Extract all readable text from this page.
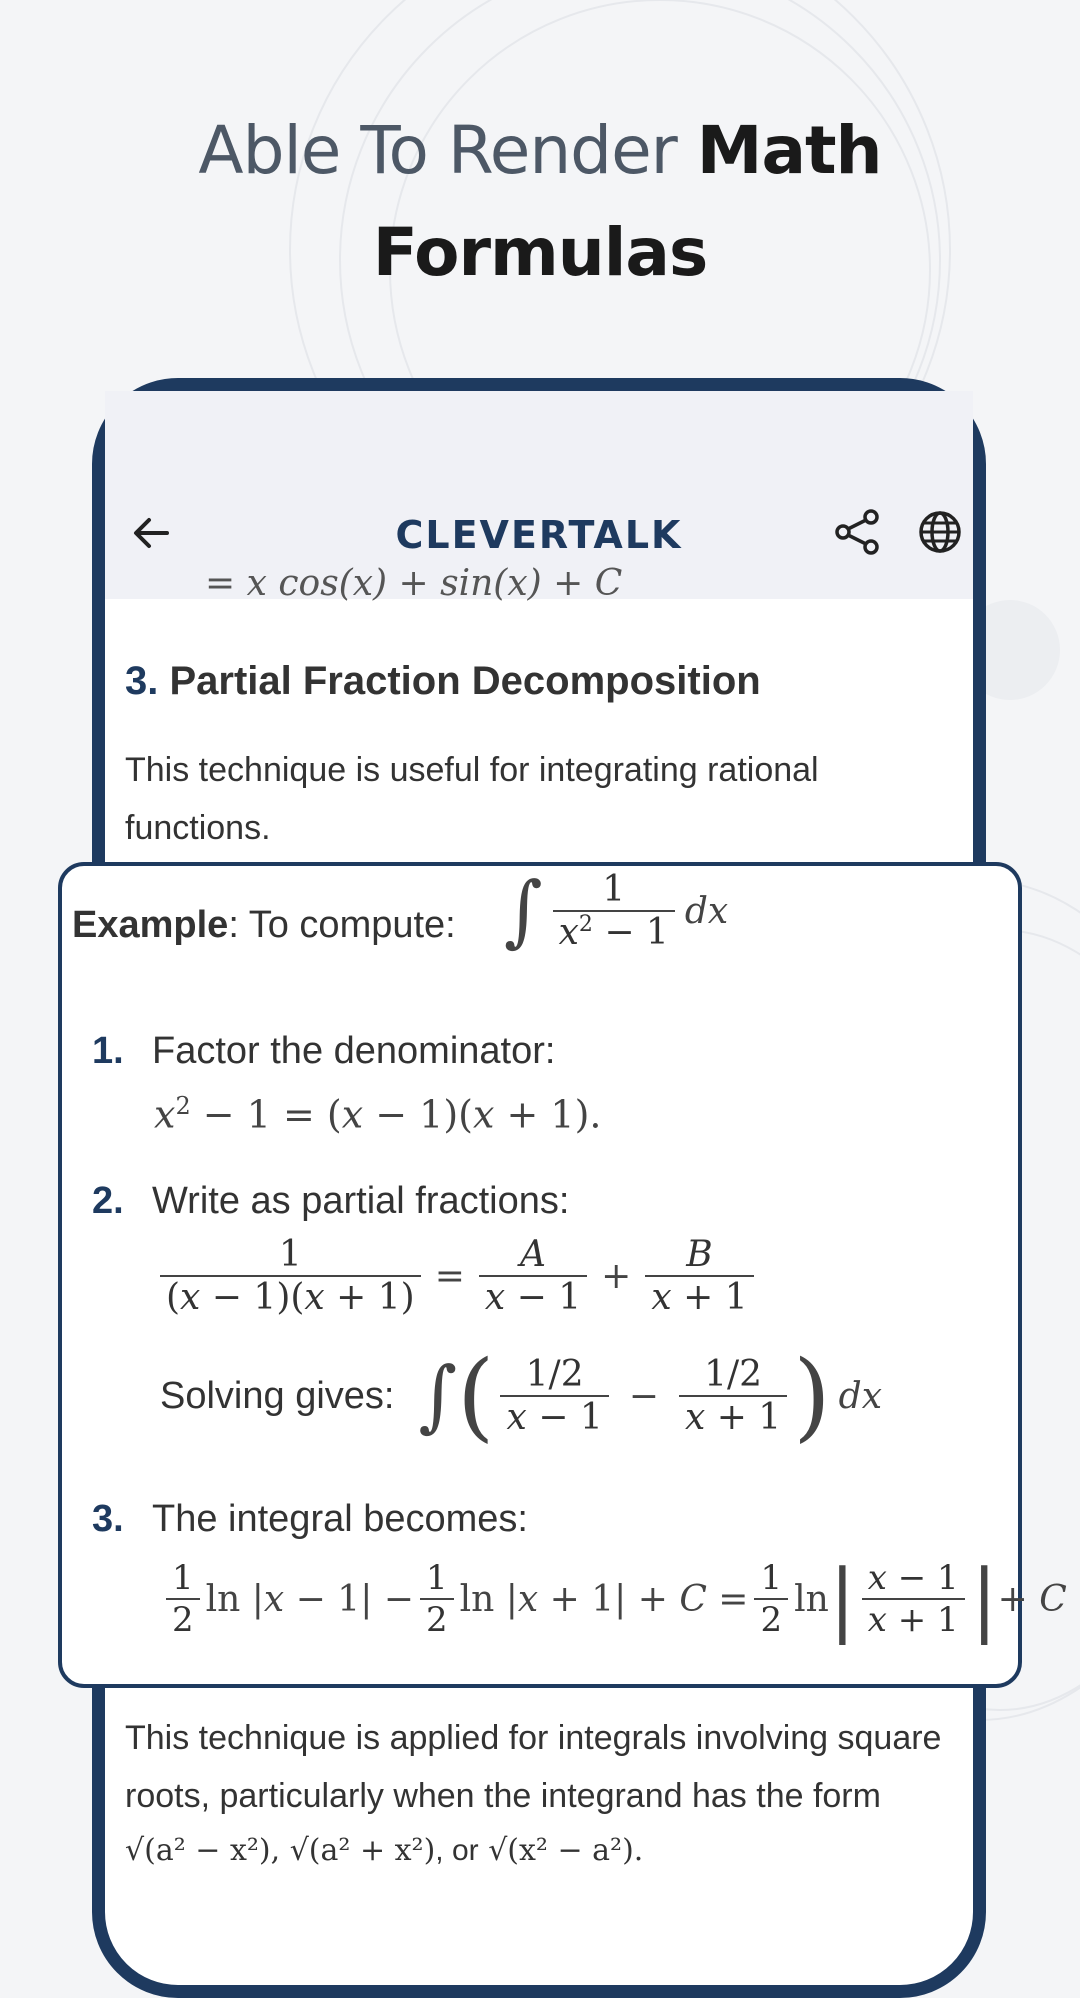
Able To Render Math
Formulas
CLEVERTALK
= x cos(x) + sin(x) + C
3. Partial Fraction Decomposition
This technique is useful for integrating rational functions.
This technique is applied for integrals involving square roots, particularly when the integrand has the form
√(a² − x²), √(a² + x²), or √(x² − a²).
Example: To compute: ∫ $\frac{1}{x^2 - 1}$ dx
1. Factor the denominator:
$x^2 - 1 = (x - 1)(x + 1)$.
2. Write as partial fractions:
$\frac{1}{(x - 1)(x + 1)} = \frac{A}{x - 1} + \frac{B}{x + 1}$
Solving gives: ∫ ( $\frac{1/2}{x - 1} - \frac{1/2}{x + 1}$ ) dx
3. The integral becomes:
$\frac{1}{2}$ $\ln |x - 1| - \frac{1}{2}$ $\ln |x + 1| + C = \frac{1}{2}$ ln | $\frac{x - 1}{x + 1}$ | + C
